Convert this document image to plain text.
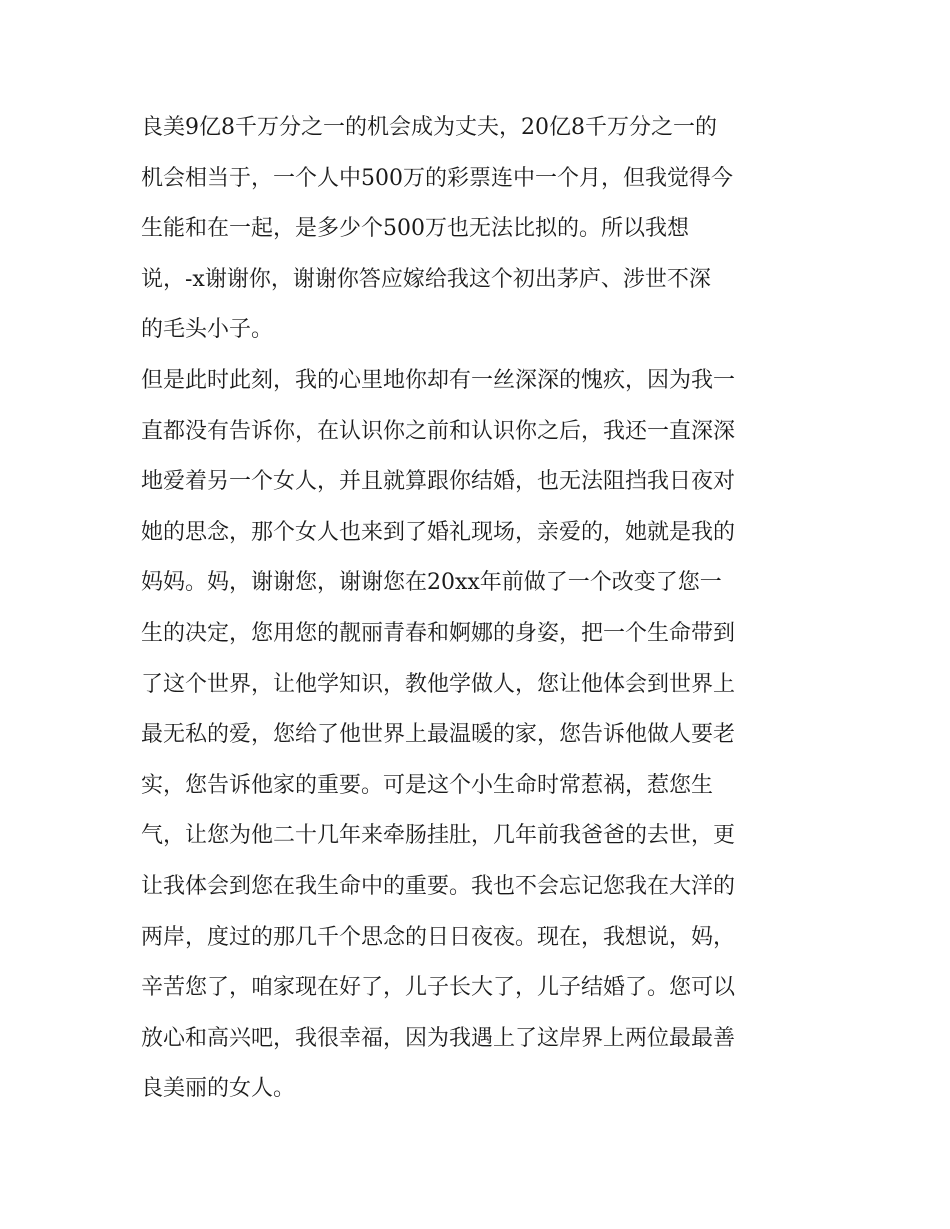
良美9亿8千万分之一的机会成为丈夫，20亿8千万分之一的
机会相当于，一个人中500万的彩票连中一个月，但我觉得今
生能和在一起，是多少个500万也无法比拟的。所以我想
说，-x谢谢你，谢谢你答应嫁给我这个初出茅庐、涉世不深
的毛头小子。
但是此时此刻，我的心里地你却有一丝深深的愧疚，因为我一
直都没有告诉你，在认识你之前和认识你之后，我还一直深深
地爱着另一个女人，并且就算跟你结婚，也无法阻挡我日夜对
她的思念，那个女人也来到了婚礼现场，亲爱的，她就是我的
妈妈。妈，谢谢您，谢谢您在20xx年前做了一个改变了您一
生的决定，您用您的靓丽青春和婀娜的身姿，把一个生命带到
了这个世界，让他学知识，教他学做人，您让他体会到世界上
最无私的爱，您给了他世界上最温暖的家，您告诉他做人要老
实，您告诉他家的重要。可是这个小生命时常惹祸，惹您生
气，让您为他二十几年来牵肠挂肚，几年前我爸爸的去世，更
让我体会到您在我生命中的重要。我也不会忘记您我在大洋的
两岸，度过的那几千个思念的日日夜夜。现在，我想说，妈，
辛苦您了，咱家现在好了，儿子长大了，儿子结婚了。您可以
放心和高兴吧，我很幸福，因为我遇上了这岸界上两位最最善
良美丽的女人。
